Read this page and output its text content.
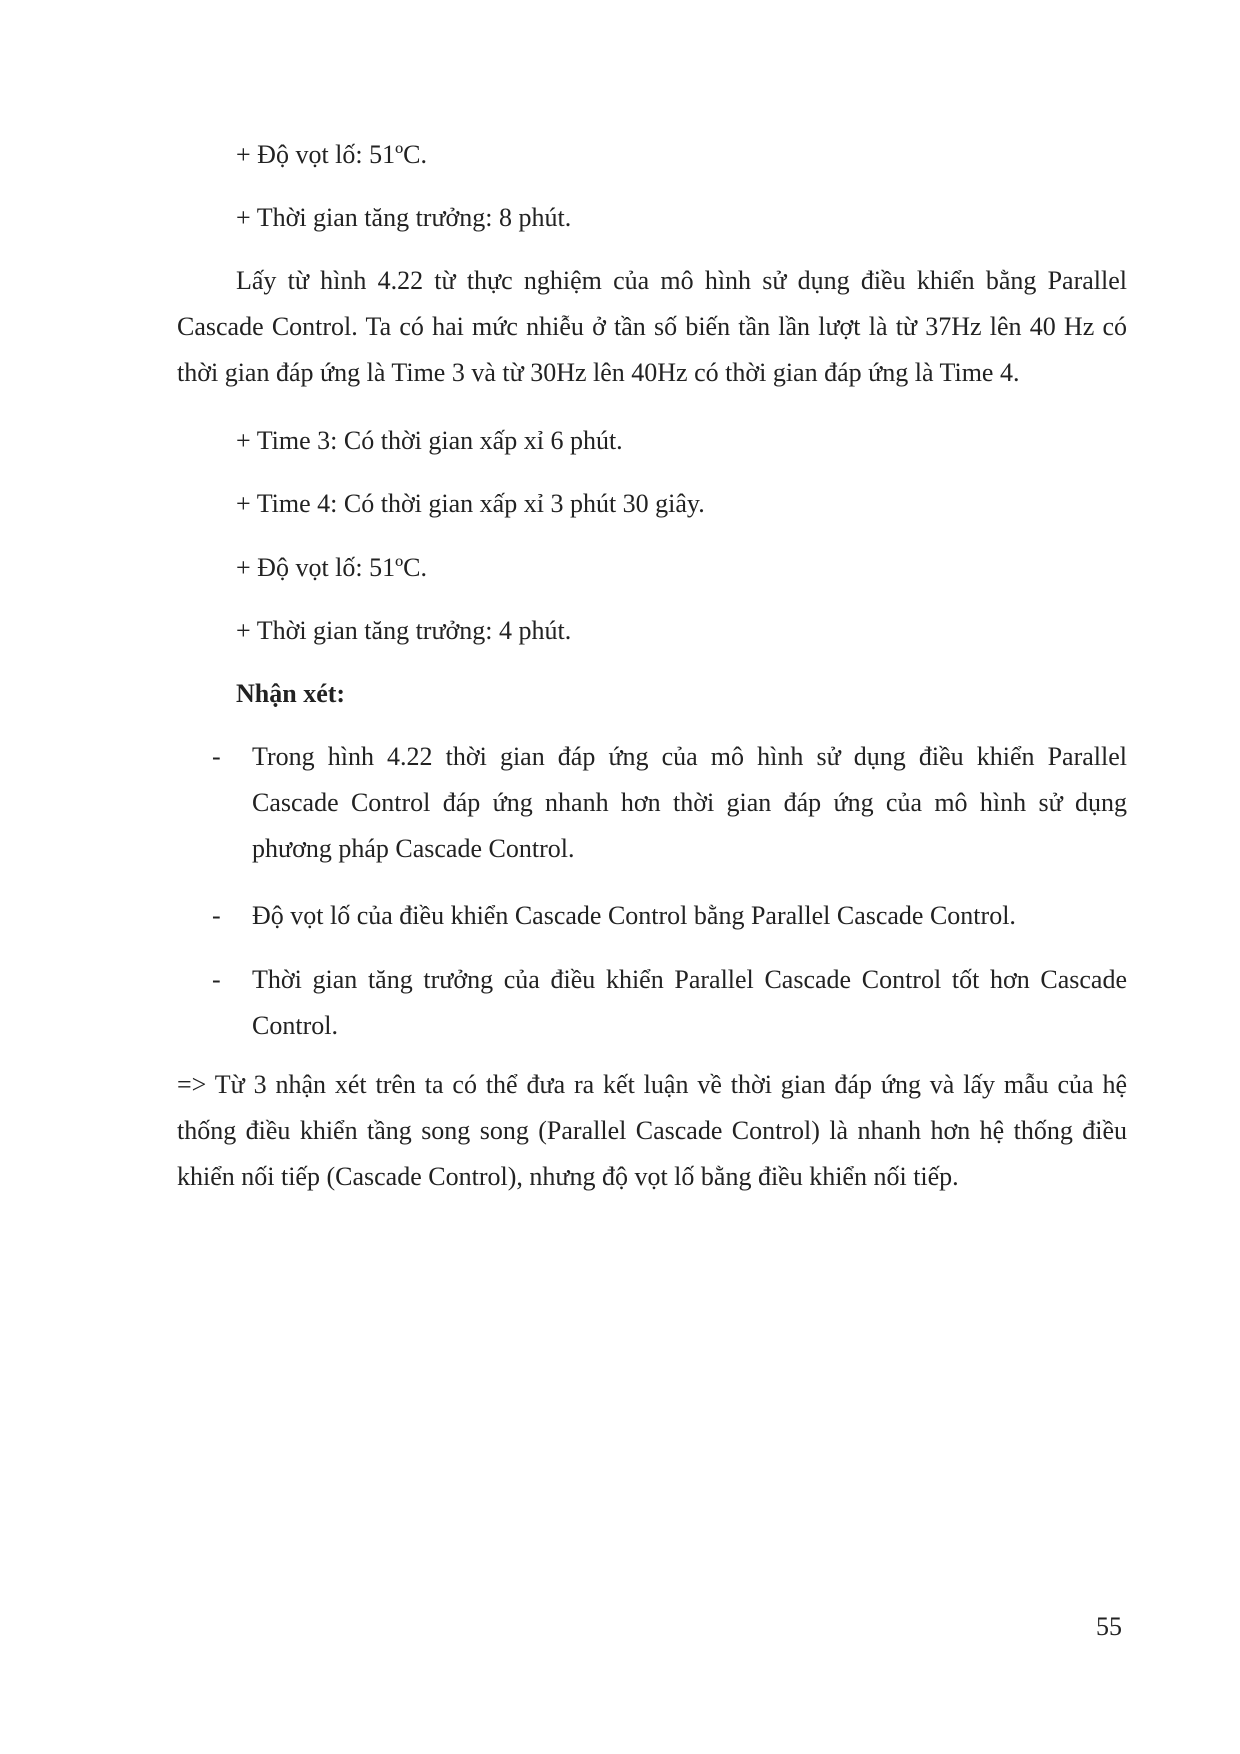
+ Độ vọt lố: 51ºC.

+ Thời gian tăng trưởng: 8 phút.

Lấy từ hình 4.22 từ thực nghiệm của mô hình sử dụng điều khiển bằng Parallel Cascade Control. Ta có hai mức nhiễu ở tần số biến tần lần lượt là từ 37Hz lên 40 Hz có thời gian đáp ứng là Time 3 và từ 30Hz lên 40Hz có thời gian đáp ứng là Time 4.

+ Time 3: Có thời gian xấp xỉ 6 phút.

+ Time 4: Có thời gian xấp xỉ 3 phút 30 giây.

+ Độ vọt lố: 51ºC.

+ Thời gian tăng trưởng: 4 phút.

Nhận xét:

- Trong hình 4.22 thời gian đáp ứng của mô hình sử dụng điều khiển Parallel Cascade Control đáp ứng nhanh hơn thời gian đáp ứng của mô hình sử dụng phương pháp Cascade Control.
- Độ vọt lố của điều khiển Cascade Control bằng Parallel Cascade Control.
- Thời gian tăng trưởng của điều khiển Parallel Cascade Control tốt hơn Cascade Control.

=> Từ 3 nhận xét trên ta có thể đưa ra kết luận về thời gian đáp ứng và lấy mẫu của hệ thống điều khiển tầng song song (Parallel Cascade Control) là nhanh hơn hệ thống điều khiển nối tiếp (Cascade Control), nhưng độ vọt lố bằng điều khiển nối tiếp.

55
